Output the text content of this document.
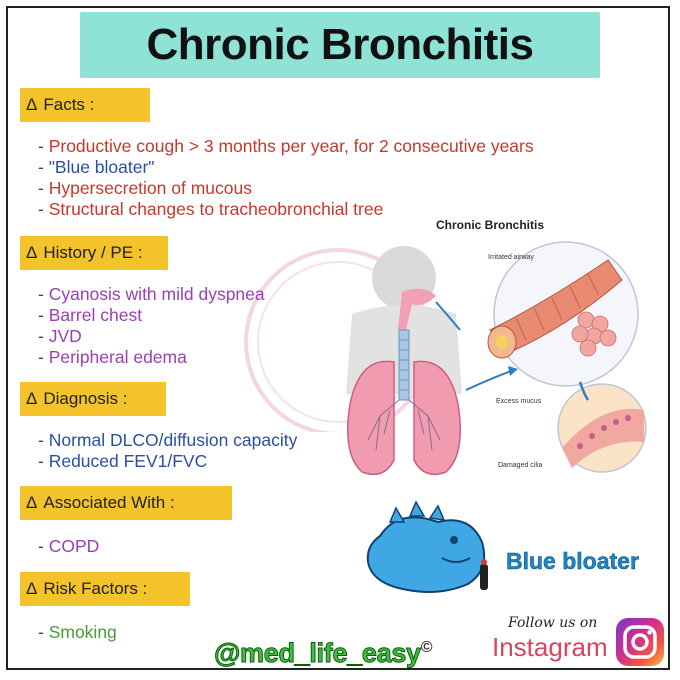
Chronic Bronchitis
Δ Facts :
- Productive cough > 3 months per year, for 2 consecutive years
- "Blue bloater"
- Hypersecretion of mucous
- Structural changes to tracheobronchial tree
Δ History / PE :
- Cyanosis with mild dyspnea
- Barrel chest
- JVD
- Peripheral edema
Δ Diagnosis :
- Normal DLCO/diffusion capacity
- Reduced FEV1/FVC
Δ Associated With :
- COPD
Δ Risk Factors :
- Smoking
Chronic Bronchitis
Irritated airway
Excess mucus
Damaged cilia
Blue bloater
@med_life_easy©
Follow us on
Instagram
